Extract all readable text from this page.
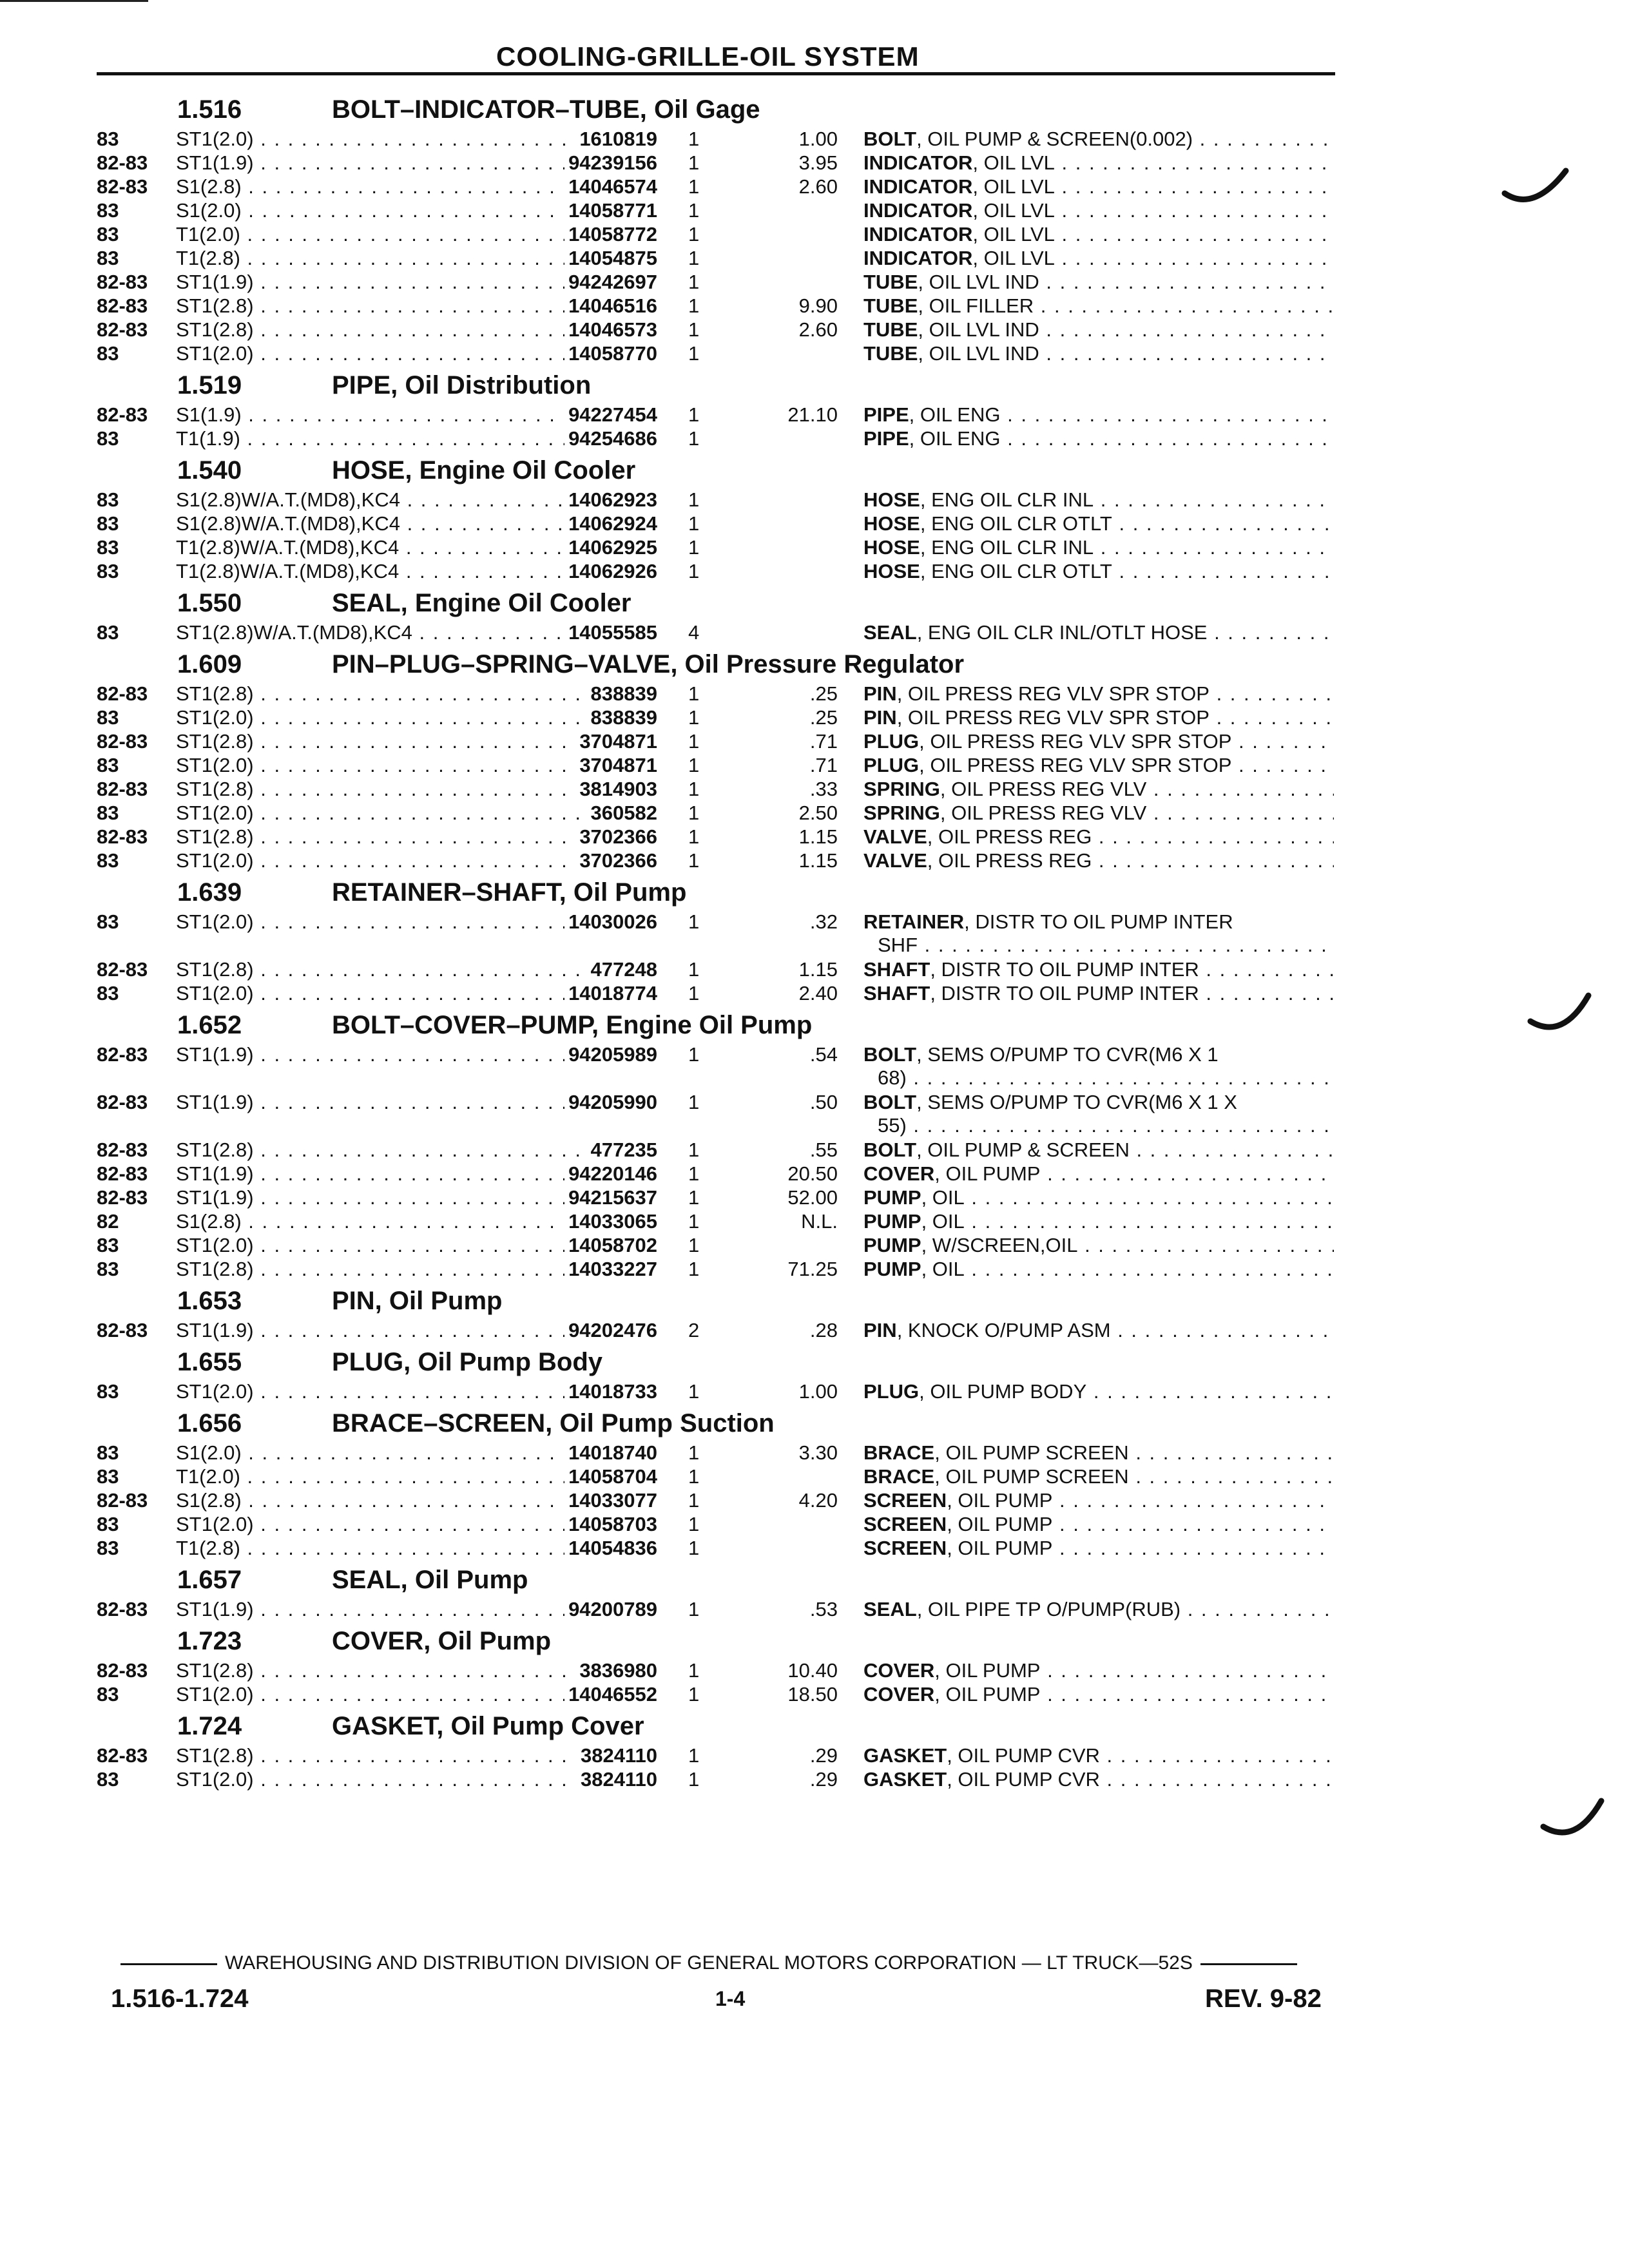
COOLING-GRILLE-OIL SYSTEM
1.516	BOLT–INDICATOR–TUBE, Oil Gage
83	ST1(2.0) . . .	1610819 1	1.00 BOLT, OIL PUMP & SCREEN(0.002) . . .
82-83 ST1(1.9) . . .	94239156 1	3.95 INDICATOR, OIL LVL . . .
82-83 S1(2.8) . . .	14046574 1	2.60 INDICATOR, OIL LVL . . .
83	S1(2.0) . . .	14058771 1	INDICATOR, OIL LVL . . .
83	T1(2.0) . . .	14058772 1	INDICATOR, OIL LVL . . .
83	T1(2.8) . . .	14054875 1	INDICATOR, OIL LVL . . .
82-83 ST1(1.9) . . .	94242697 1	TUBE, OIL LVL IND . . .
82-83 ST1(2.8) . . .	14046516 1	9.90 TUBE, OIL FILLER . . .
82-83 ST1(2.8) . . .	14046573 1	2.60 TUBE, OIL LVL IND . . .
83	ST1(2.0) . . .	14058770 1	TUBE, OIL LVL IND . . .
1.519	PIPE, Oil Distribution
82-83 S1(1.9) . . .	94227454 1	21.10 PIPE, OIL ENG . . .
83	T1(1.9) . . .	94254686 1	PIPE, OIL ENG . . .
1.540	HOSE, Engine Oil Cooler
83	S1(2.8)W/A.T.(MD8),KC4 . . .	14062923 1	HOSE, ENG OIL CLR INL . . .
83	S1(2.8)W/A.T.(MD8),KC4 . . .	14062924 1	HOSE, ENG OIL CLR OTLT . . .
83	T1(2.8)W/A.T.(MD8),KC4 . . .	14062925 1	HOSE, ENG OIL CLR INL . . .
83	T1(2.8)W/A.T.(MD8),KC4 . . .	14062926 1	HOSE, ENG OIL CLR OTLT . . .
1.550	SEAL, Engine Oil Cooler
83	ST1(2.8)W/A.T.(MD8),KC4 . . .	14055585 4	SEAL, ENG OIL CLR INL/OTLT HOSE . . .
1.609	PIN–PLUG–SPRING–VALVE, Oil Pressure Regulator
82-83 ST1(2.8) . . .	838839 1	.25 PIN, OIL PRESS REG VLV SPR STOP . . .
83	ST1(2.0) . . .	838839 1	.25 PIN, OIL PRESS REG VLV SPR STOP . . .
82-83 ST1(2.8) . . .	3704871 1	.71 PLUG, OIL PRESS REG VLV SPR STOP . . .
83	ST1(2.0) . . .	3704871 1	.71 PLUG, OIL PRESS REG VLV SPR STOP . . .
82-83 ST1(2.8) . . .	3814903 1	.33 SPRING, OIL PRESS REG VLV . . .
83	ST1(2.0) . . .	360582 1	2.50 SPRING, OIL PRESS REG VLV . . .
82-83 ST1(2.8) . . .	3702366 1	1.15 VALVE, OIL PRESS REG . . .
83	ST1(2.0) . . .	3702366 1	1.15 VALVE, OIL PRESS REG . . .
1.639	RETAINER–SHAFT, Oil Pump
83	ST1(2.0) . . .	14030026 1	.32 RETAINER, DISTR TO OIL PUMP INTER
SHF . . .
82-83 ST1(2.8) . . .	477248 1	1.15 SHAFT, DISTR TO OIL PUMP INTER . . .
83	ST1(2.0) . . .	14018774 1	2.40 SHAFT, DISTR TO OIL PUMP INTER . . .
1.652	BOLT–COVER–PUMP, Engine Oil Pump
82-83 ST1(1.9) . . .	94205989 1	.54 BOLT, SEMS O/PUMP TO CVR(M6 X 1
68) . . .
82-83 ST1(1.9) . . .	94205990 1	.50 BOLT, SEMS O/PUMP TO CVR(M6 X 1 X
55) . . .
82-83 ST1(2.8) . . .	477235 1	.55 BOLT, OIL PUMP & SCREEN . . .
82-83 ST1(1.9) . . .	94220146 1	20.50 COVER, OIL PUMP . . .
82-83 ST1(1.9) . . .	94215637 1	52.00 PUMP, OIL . . .
82	S1(2.8) . . .	14033065 1	N.L. PUMP, OIL . . .
83	ST1(2.0) . . .	14058702 1	PUMP, W/SCREEN,OIL . . .
83	ST1(2.8) . . .	14033227 1	71.25 PUMP, OIL . . .
1.653	PIN, Oil Pump
82-83 ST1(1.9) . . .	94202476 2	.28 PIN, KNOCK O/PUMP ASM . . .
1.655	PLUG, Oil Pump Body
83	ST1(2.0) . . .	14018733 1	1.00 PLUG, OIL PUMP BODY . . .
1.656	BRACE–SCREEN, Oil Pump Suction
83	S1(2.0) . . .	14018740 1	3.30 BRACE, OIL PUMP SCREEN . . .
83	T1(2.0) . . .	14058704 1	BRACE, OIL PUMP SCREEN . . .
82-83 S1(2.8) . . .	14033077 1	4.20 SCREEN, OIL PUMP . . .
83	ST1(2.0) . . .	14058703 1	SCREEN, OIL PUMP . . .
83	T1(2.8) . . .	14054836 1	SCREEN, OIL PUMP . . .
1.657	SEAL, Oil Pump
82-83 ST1(1.9) . . .	94200789 1	.53 SEAL, OIL PIPE TP O/PUMP(RUB) . . .
1.723	COVER, Oil Pump
82-83 ST1(2.8) . . .	3836980 1	10.40 COVER, OIL PUMP . . .
83	ST1(2.0) . . .	14046552 1	18.50 COVER, OIL PUMP . . .
1.724	GASKET, Oil Pump Cover
82-83 ST1(2.8) . . .	3824110 1	.29 GASKET, OIL PUMP CVR . . .
83	ST1(2.0) . . .	3824110 1	.29 GASKET, OIL PUMP CVR . . .
WAREHOUSING AND DISTRIBUTION DIVISION OF GENERAL MOTORS CORPORATION — LT TRUCK—52S
1.516-1.724	1-4	REV. 9-82
